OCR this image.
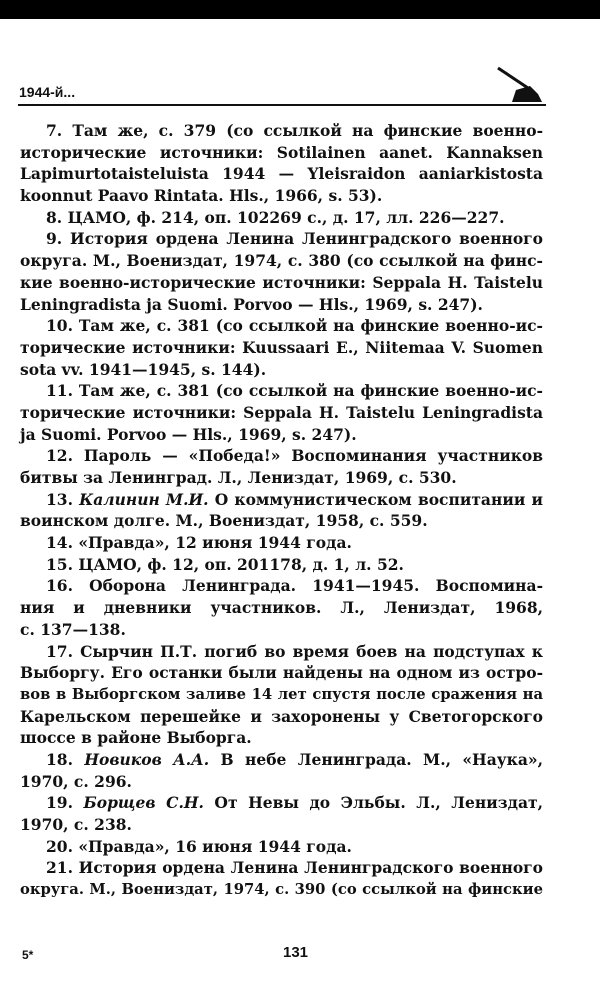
1944-й...
7. Там же, с. 379 (со ссылкой на финские военно-
исторические источники: Sotilainen aanet. Kannaksen
Lapimurtotaisteluista 1944 — Yleisraidon aaniarkistosta
koonnut Paavo Rintata. Hls., 1966, s. 53).
8. ЦАМО, ф. 214, оп. 102269 с., д. 17, лл. 226—227.
9. История ордена Ленина Ленинградского военного
округа. М., Воениздат, 1974, с. 380 (со ссылкой на финс-
кие военно-исторические источники: Seppala H. Taistelu
Leningradista ja Suomi. Porvoo — Hls., 1969, s. 247).
10. Там же, с. 381 (со ссылкой на финские военно-ис-
торические источники: Kuussaari E., Niitemaa V. Suomen
sota vv. 1941—1945, s. 144).
11. Там же, с. 381 (со ссылкой на финские военно-ис-
торические источники: Seppala H. Taistelu Leningradista
ja Suomi. Porvoo — Hls., 1969, s. 247).
12. Пароль — «Победа!» Воспоминания участников
битвы за Ленинград. Л., Лениздат, 1969, с. 530.
13. Калинин М.И. О коммунистическом воспитании и
воинском долге. М., Воениздат, 1958, с. 559.
14. «Правда», 12 июня 1944 года.
15. ЦАМО, ф. 12, оп. 201178, д. 1, л. 52.
16. Оборона Ленинграда. 1941—1945. Воспомина-
ния и дневники участников. Л., Лениздат, 1968,
с. 137—138.
17. Сырчин П.Т. погиб во время боев на подступах к
Выборгу. Его останки были найдены на одном из остро-
вов в Выборгском заливе 14 лет спустя после сражения на
Карельском перешейке и захоронены у Светогорского
шоссе в районе Выборга.
18. Новиков А.А. В небе Ленинграда. М., «Наука»,
1970, с. 296.
19. Борщев С.Н. От Невы до Эльбы. Л., Лениздат,
1970, с. 238.
20. «Правда», 16 июня 1944 года.
21. История ордена Ленина Ленинградского военного
округа. М., Воениздат, 1974, с. 390 (со ссылкой на финские
5*	131
